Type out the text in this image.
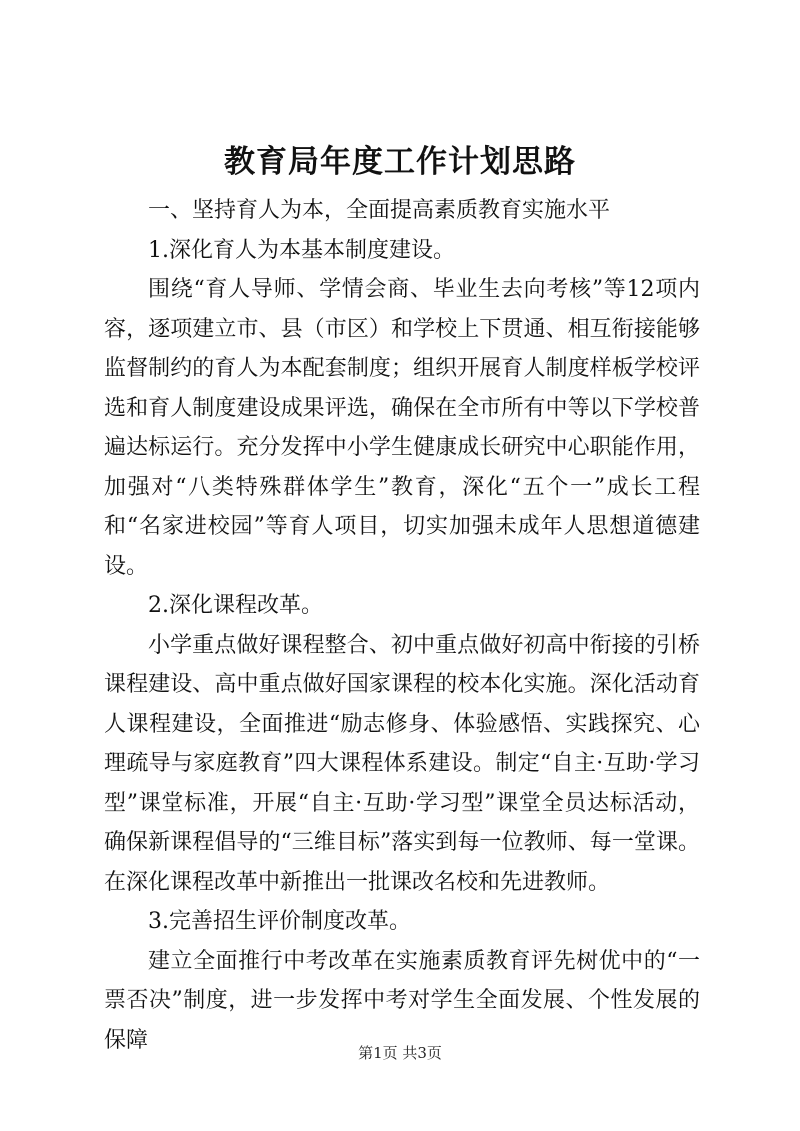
教育局年度工作计划思路

一、坚持育人为本，全面提高素质教育实施水平

1.深化育人为本基本制度建设。

围绕“育人导师、学情会商、毕业生去向考核”等12项内容，逐项建立市、县（市区）和学校上下贯通、相互衔接能够监督制约的育人为本配套制度；组织开展育人制度样板学校评选和育人制度建设成果评选，确保在全市所有中等以下学校普遍达标运行。充分发挥中小学生健康成长研究中心职能作用，加强对“八类特殊群体学生”教育，深化“五个一”成长工程和“名家进校园”等育人项目，切实加强未成年人思想道德建设。

2.深化课程改革。

小学重点做好课程整合、初中重点做好初高中衔接的引桥课程建设、高中重点做好国家课程的校本化实施。深化活动育人课程建设，全面推进“励志修身、体验感悟、实践探究、心理疏导与家庭教育”四大课程体系建设。制定“自主·互助·学习型”课堂标准，开展“自主·互助·学习型”课堂全员达标活动，确保新课程倡导的“三维目标”落实到每一位教师、每一堂课。在深化课程改革中新推出一批课改名校和先进教师。

3.完善招生评价制度改革。

建立全面推行中考改革在实施素质教育评先树优中的“一票否决”制度，进一步发挥中考对学生全面发展、个性发展的保障

第1页 共3页
